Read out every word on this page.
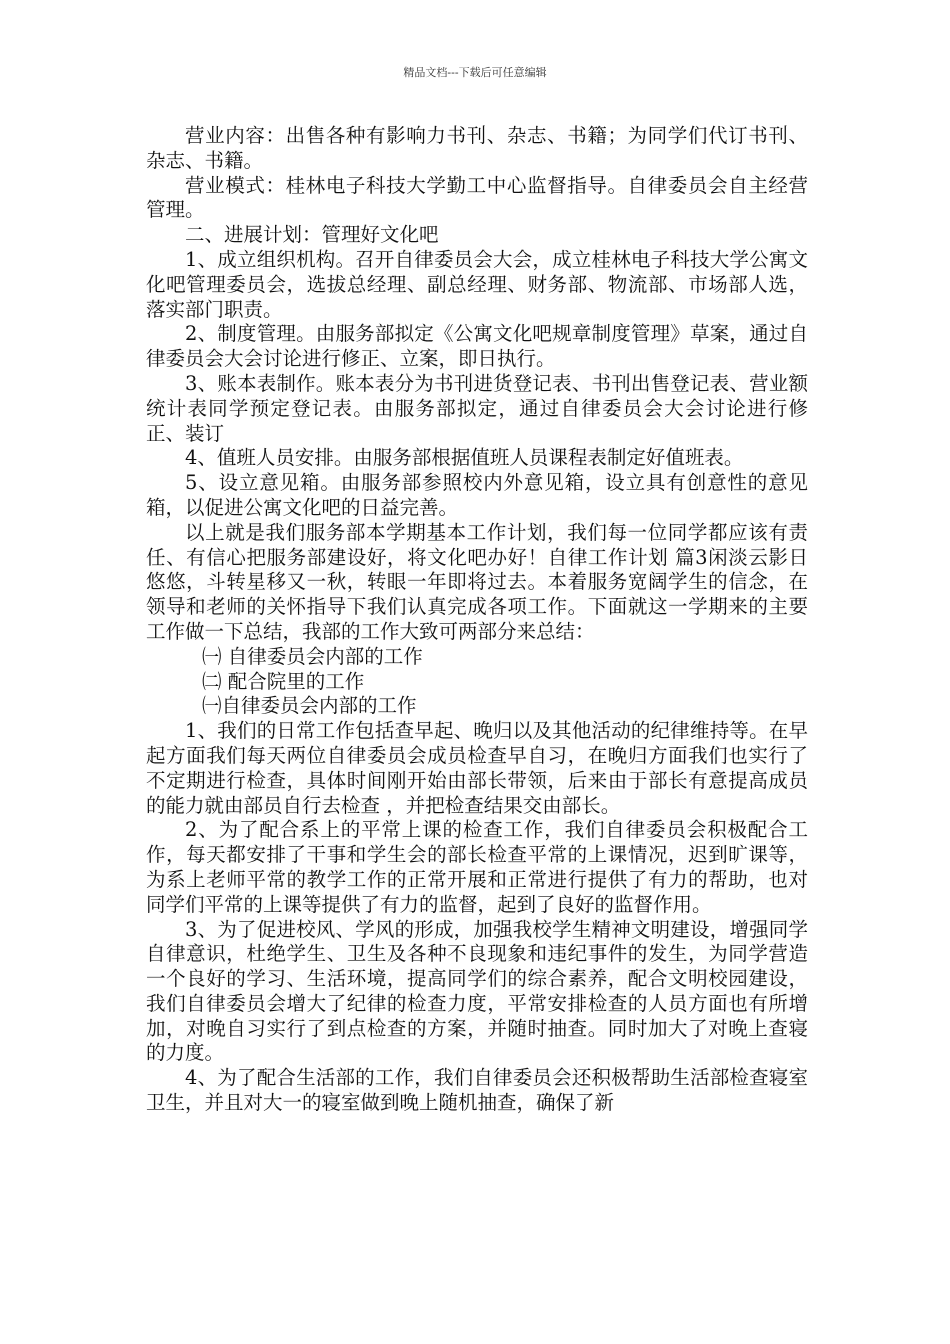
精品文档---下载后可任意编辑

营业内容：出售各种有影响力书刊、杂志、书籍；为同学们代订书刊、杂志、书籍。

营业模式：桂林电子科技大学勤工中心监督指导。自律委员会自主经营管理。

二、进展计划：管理好文化吧

1、成立组织机构。召开自律委员会大会，成立桂林电子科技大学公寓文化吧管理委员会，选拔总经理、副总经理、财务部、物流部、市场部人选，落实部门职责。

2、制度管理。由服务部拟定《公寓文化吧规章制度管理》草案，通过自律委员会大会讨论进行修正、立案，即日执行。

3、账本表制作。账本表分为书刊进货登记表、书刊出售登记表、营业额统计表同学预定登记表。由服务部拟定，通过自律委员会大会讨论进行修正、装订

4、值班人员安排。由服务部根据值班人员课程表制定好值班表。

5、设立意见箱。由服务部参照校内外意见箱，设立具有创意性的意见箱，以促进公寓文化吧的日益完善。

以上就是我们服务部本学期基本工作计划，我们每一位同学都应该有责任、有信心把服务部建设好，将文化吧办好！自律工作计划 篇3闲淡云影日悠悠，斗转星移又一秋，转眼一年即将过去。本着服务宽阔学生的信念，在领导和老师的关怀指导下我们认真完成各项工作。下面就这一学期来的主要工作做一下总结，我部的工作大致可两部分来总结：

㈠ 自律委员会内部的工作

㈡ 配合院里的工作

㈠自律委员会内部的工作

1、我们的日常工作包括查早起、晚归以及其他活动的纪律维持等。在早起方面我们每天两位自律委员会成员检查早自习，在晚归方面我们也实行了不定期进行检查，具体时间刚开始由部长带领，后来由于部长有意提高成员的能力就由部员自行去检查 ，并把检查结果交由部长。

2、为了配合系上的平常上课的检查工作，我们自律委员会积极配合工作，每天都安排了干事和学生会的部长检查平常的上课情况，迟到旷课等，为系上老师平常的教学工作的正常开展和正常进行提供了有力的帮助，也对同学们平常的上课等提供了有力的监督，起到了良好的监督作用。

3、为了促进校风、学风的形成，加强我校学生精神文明建设，增强同学自律意识，杜绝学生、卫生及各种不良现象和违纪事件的发生，为同学营造一个良好的学习、生活环境，提高同学们的综合素养，配合文明校园建设，我们自律委员会增大了纪律的检查力度，平常安排检查的人员方面也有所增加，对晚自习实行了到点检查的方案，并随时抽查。同时加大了对晚上查寝的力度。

4、为了配合生活部的工作，我们自律委员会还积极帮助生活部检查寝室卫生，并且对大一的寝室做到晚上随机抽查，确保了新
